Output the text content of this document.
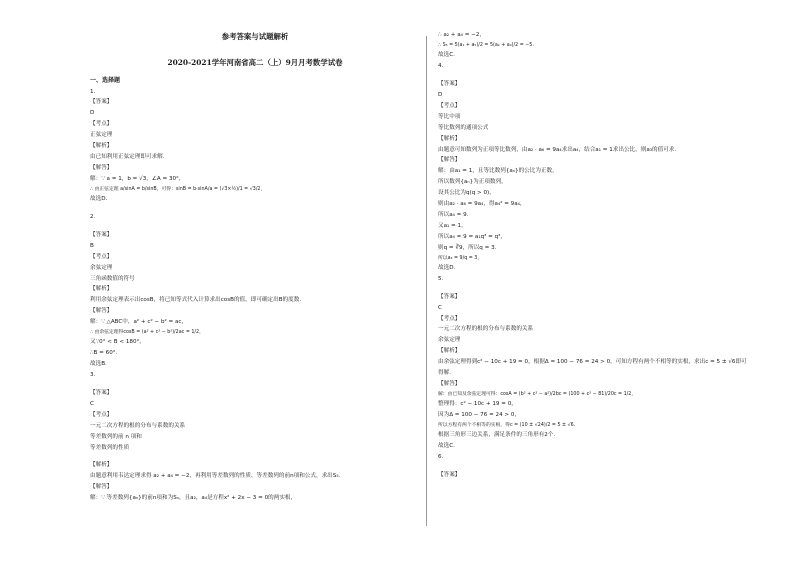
参考答案与试题解析
2020-2021学年河南省高二（上）9月月考数学试卷
一、选择题
1.
【答案】
D
【考点】
正弦定理
【解析】
由已知利用正弦定理即可求解.
【解答】
解：∵ a = 1，b = √3，∠A = 30°，
∴ 由正弦定理 a/sinA = b/sinB，可得：sinB = b·sinA/a = (√3×½)/1 = √3/2，
故选D.
2.
【答案】
B
【考点】
余弦定理
三角函数值的符号
【解析】
利用余弦定理表示出cosB，将已知等式代入计算求出cosB的值，即可确定出B的度数.
【解答】
解：∵ △ABC中，a² + c² − b² = ac，
∴ 由余弦定理得cosB = (a² + c² − b²)/2ac = 1/2，
又∵0° < B < 180°，
∴B = 60°.
故选B.
3.
【答案】
C
【考点】
一元二次方程的根的分布与系数的关系
等差数列的前 n 项和
等差数列的性质
【解析】
由题意利用韦达定理求得 a₂ + a₄ = −2，再利用等差数列的性质、等差数列的前n项和公式，求出S₅.
【解答】
解：∵ 等差数列{aₙ}的前n项和为Sₙ，且a₂，a₄是方程x² + 2x − 3 = 0的两实根，
∴ a₂ + a₄ = −2，
∴ S₅ = 5(a₁ + a₅)/2 = 5(a₂ + a₄)/2 = −5.
故选C.
4.
【答案】
D
【考点】
等比中项
等比数列的通项公式
【解析】
由题意可知数列为正项等比数列，由a₂ · a₆ = 9a₄求出a₄，结合a₁ = 1求出公比，则a₃的值可求.
【解答】
解：由a₁ = 1，且等比数列{aₙ}的公比为正数，
所以数列{aₙ}为正项数列，
设其公比为q(q > 0)，
则由a₂ · a₆ = 9a₄，得a₄² = 9a₄，
所以a₄ = 9.
又a₁ = 1，
所以a₄ = 9 = a₁q³ = q³，
则q = ∛9，所以q = 3.
所以a₃ = 9/q = 3，
故选D.
5.
【答案】
C
【考点】
一元二次方程的根的分布与系数的关系
余弦定理
【解析】
由余弦定理得到c² − 10c + 19 = 0，根据Δ = 100 − 76 = 24 > 0，可知方程有两个不相等的实根，求出c = 5 ± √6即可
得解.
【解答】
解：由已知及余弦定理可得：cosA = (b² + c² − a²)/2bc = (100 + c² − 81)/20c = 1/2，
整理得：c² − 10c + 19 = 0，
因为Δ = 100 − 76 = 24 > 0，
所以方程有两个不相等的实根，得c = (10 ± √24)/2 = 5 ± √6.
根据三角形三边关系，满足条件的三角形有2个.
故选C.
6.
【答案】
